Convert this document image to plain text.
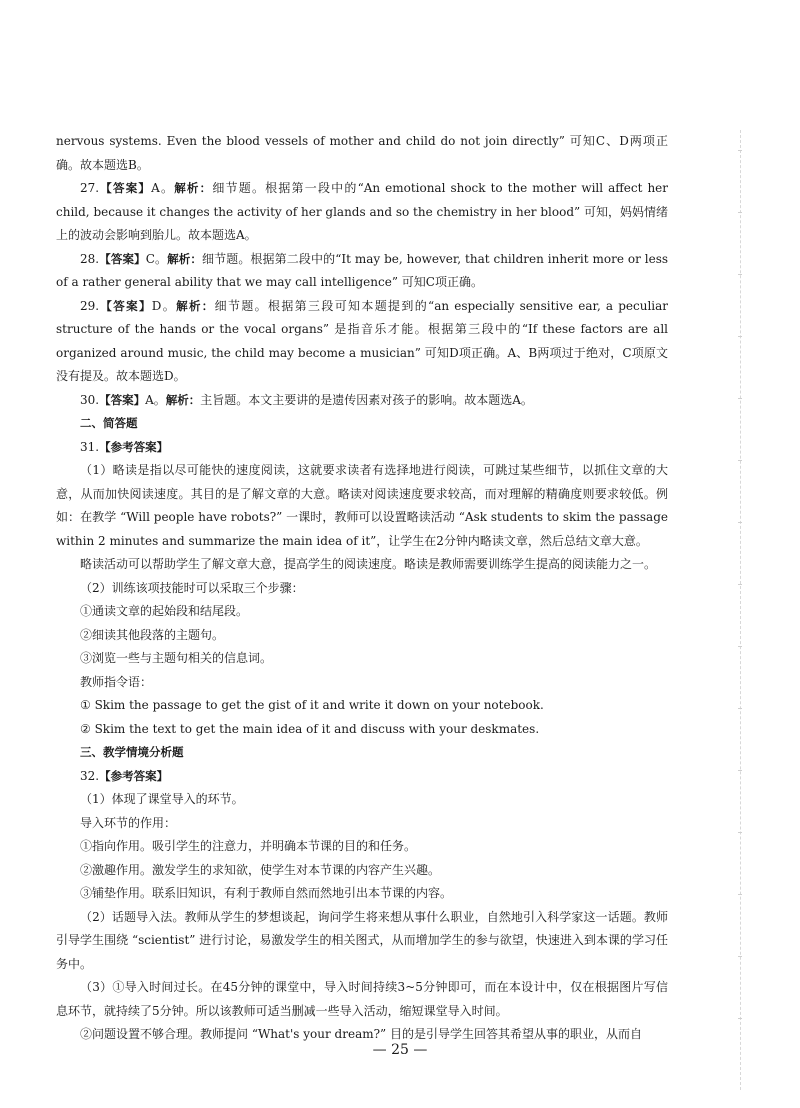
nervous systems. Even the blood vessels of mother and child do not join directly” 可知C、D两项正确。故本题选B。

27.【答案】A。解析：细节题。根据第一段中的“An emotional shock to the mother will affect her child, because it changes the activity of her glands and so the chemistry in her blood” 可知，妈妈情绪上的波动会影响到胎儿。故本题选A。

28.【答案】C。解析：细节题。根据第二段中的“It may be, however, that children inherit more or less of a rather general ability that we may call intelligence” 可知C项正确。

29.【答案】D。解析：细节题。根据第三段可知本题提到的“an especially sensitive ear, a peculiar structure of the hands or the vocal organs” 是指音乐才能。根据第三段中的“If these factors are all organized around music, the child may become a musician” 可知D项正确。A、B两项过于绝对，C项原文没有提及。故本题选D。

30.【答案】A。解析：主旨题。本文主要讲的是遗传因素对孩子的影响。故本题选A。

二、简答题

31.【参考答案】

（1）略读是指以尽可能快的速度阅读，这就要求读者有选择地进行阅读，可跳过某些细节，以抓住文章的大意，从而加快阅读速度。其目的是了解文章的大意。略读对阅读速度要求较高，而对理解的精确度则要求较低。例如：在教学 “Will people have robots?” 一课时，教师可以设置略读活动 “Ask students to skim the passage within 2 minutes and summarize the main idea of it”，让学生在2分钟内略读文章，然后总结文章大意。

略读活动可以帮助学生了解文章大意，提高学生的阅读速度。略读是教师需要训练学生提高的阅读能力之一。

（2）训练该项技能时可以采取三个步骤：

①通读文章的起始段和结尾段。

②细读其他段落的主题句。

③浏览一些与主题句相关的信息词。

教师指令语：

① Skim the passage to get the gist of it and write it down on your notebook.

② Skim the text to get the main idea of it and discuss with your deskmates.

三、教学情境分析题

32.【参考答案】

（1）体现了课堂导入的环节。

导入环节的作用：

①指向作用。吸引学生的注意力，并明确本节课的目的和任务。

②激趣作用。激发学生的求知欲，使学生对本节课的内容产生兴趣。

③铺垫作用。联系旧知识，有利于教师自然而然地引出本节课的内容。

（2）话题导入法。教师从学生的梦想谈起，询问学生将来想从事什么职业，自然地引入科学家这一话题。教师引导学生围绕 “scientist” 进行讨论，易激发学生的相关图式，从而增加学生的参与欲望，快速进入到本课的学习任务中。

（3）①导入时间过长。在45分钟的课堂中，导入时间持续3~5分钟即可，而在本设计中，仅在根据图片写信息环节，就持续了5分钟。所以该教师可适当删减一些导入活动，缩短课堂导入时间。

②问题设置不够合理。教师提问 “What's your dream?” 目的是引导学生回答其希望从事的职业，从而自

— 25 —
